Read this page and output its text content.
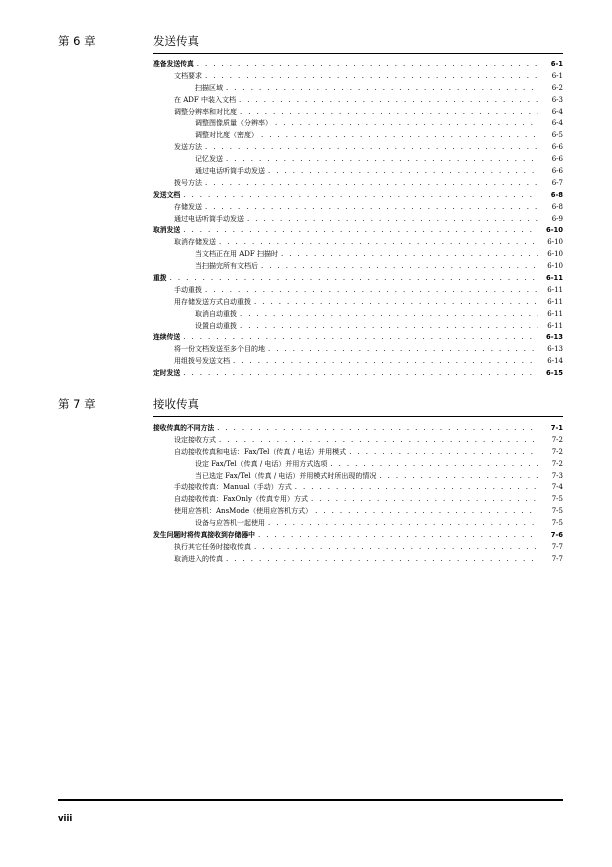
第 6 章	发送传真
准备发送传真 . . .	6-1
文档要求 . . .	6-1
扫描区域 . . .	6-2
在 ADF 中装入文档 . . .	6-3
调整分辨率和对比度 . . .	6-4
调整图像质量（分辨率） . . .	6-4
调整对比度（密度） . . .	6-5
发送方法 . . .	6-6
记忆发送 . . .	6-6
通过电话听筒手动发送 . . .	6-6
拨号方法 . . .	6-7
发送文档 . . .	6-8
存储发送 . . .	6-8
通过电话听筒手动发送 . . .	6-9
取消发送 . . .	6-10
取消存储发送 . . .	6-10
当文档正在用 ADF 扫描时 . . .	6-10
当扫描完所有文档后 . . .	6-10
重拨 . . .	6-11
手动重拨 . . .	6-11
用存储发送方式自动重拨 . . .	6-11
取消自动重拨 . . .	6-11
设置自动重拨 . . .	6-11
连续传送 . . .	6-13
将一份文档发送至多个目的地 . . .	6-13
用组拨号发送文档 . . .	6-14
定时发送 . . .	6-15
第 7 章	接收传真
接收传真的不同方法 . . .	7-1
设定接收方式 . . .	7-2
自动接收传真和电话：Fax/Tel（传真 / 电话）并用模式 . . .	7-2
设定 Fax/Tel（传真 / 电话）并用方式选项 . . .	7-2
当已选定 Fax/Tel（传真 / 电话）并用模式时所出现的情况 . . .	7-3
手动接收传真：Manual（手动）方式 . . .	7-4
自动接收传真：FaxOnly（传真专用）方式 . . .	7-5
使用应答机：AnsMode（使用应答机方式） . . .	7-5
设备与应答机一起使用 . . .	7-5
发生问题时将传真接收到存储器中 . . .	7-6
执行其它任务时接收传真 . . .	7-7
取消进入的传真 . . .	7-7
viii
